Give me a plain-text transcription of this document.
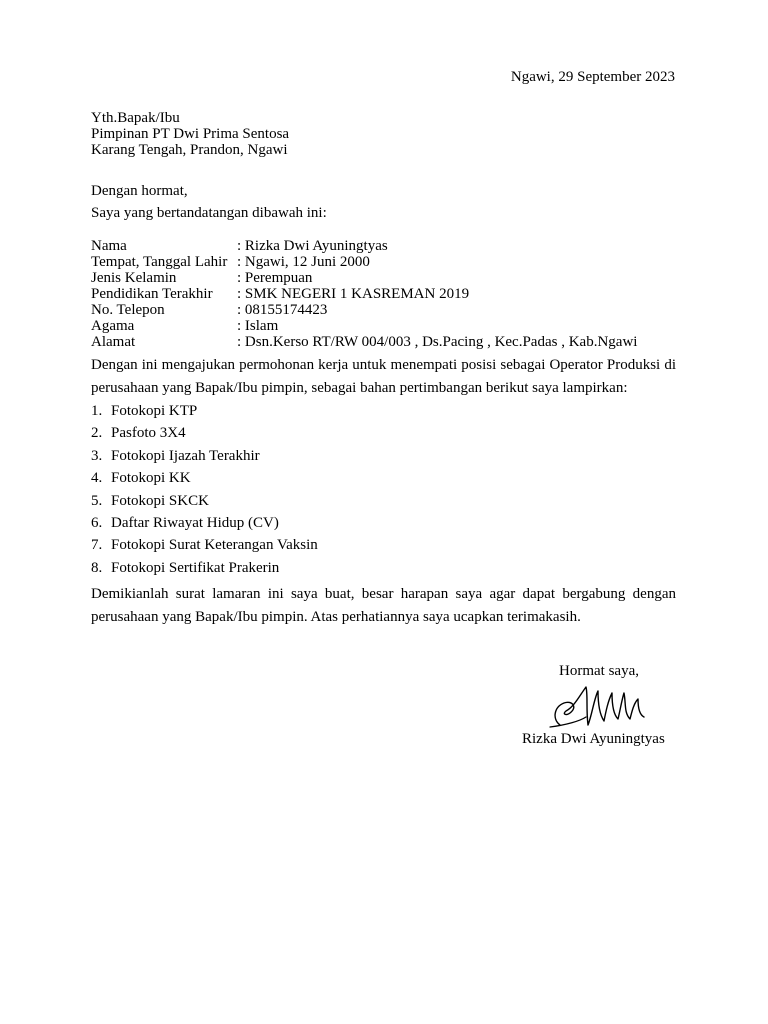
Ngawi, 29 September 2023
Yth.Bapak/Ibu
Pimpinan PT Dwi Prima Sentosa
Karang Tengah, Prandon, Ngawi
Dengan hormat,
Saya yang bertandatangan dibawah ini:
Nama	: Rizka Dwi Ayuningtyas
Tempat, Tanggal Lahir	: Ngawi, 12 Juni 2000
Jenis Kelamin	: Perempuan
Pendidikan Terakhir	: SMK NEGERI 1 KASREMAN 2019
No. Telepon	: 08155174423
Agama	: Islam
Alamat	: Dsn.Kerso RT/RW 004/003 , Ds.Pacing , Kec.Padas , Kab.Ngawi
Dengan ini mengajukan permohonan kerja untuk menempati posisi sebagai Operator Produksi di perusahaan yang Bapak/Ibu pimpin, sebagai bahan pertimbangan berikut saya lampirkan:
1. Fotokopi KTP
2. Pasfoto 3X4
3. Fotokopi Ijazah Terakhir
4. Fotokopi KK
5. Fotokopi SKCK
6. Daftar Riwayat Hidup (CV)
7. Fotokopi Surat Keterangan Vaksin
8. Fotokopi Sertifikat Prakerin
Demikianlah surat lamaran ini saya buat, besar harapan saya agar dapat bergabung dengan perusahaan yang Bapak/Ibu pimpin. Atas perhatiannya saya ucapkan terimakasih.
Hormat saya,
Rizka Dwi Ayuningtyas
